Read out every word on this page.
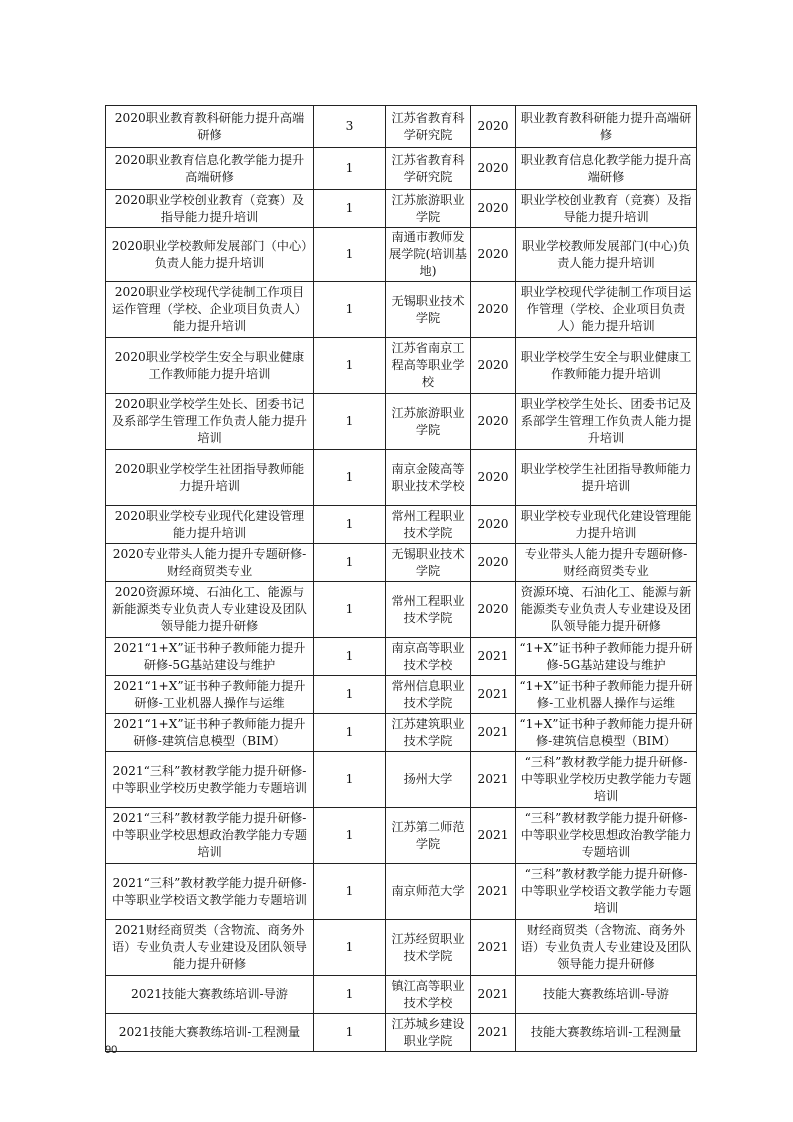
2020职业教育教科研能力提升高端研修	3	江苏省教育科学研究院	2020	职业教育教科研能力提升高端研修
2020职业教育信息化教学能力提升高端研修	1	江苏省教育科学研究院	2020	职业教育信息化教学能力提升高端研修
2020职业学校创业教育（竞赛）及指导能力提升培训	1	江苏旅游职业学院	2020	职业学校创业教育（竞赛）及指导能力提升培训
2020职业学校教师发展部门（中心）负责人能力提升培训	1	南通市教师发展学院(培训基地)	2020	职业学校教师发展部门(中心)负责人能力提升培训
2020职业学校现代学徒制工作项目运作管理（学校、企业项目负责人）能力提升培训	1	无锡职业技术学院	2020	职业学校现代学徒制工作项目运作管理（学校、企业项目负责人）能力提升培训
2020职业学校学生安全与职业健康工作教师能力提升培训	1	江苏省南京工程高等职业学校	2020	职业学校学生安全与职业健康工作教师能力提升培训
2020职业学校学生处长、团委书记及系部学生管理工作负责人能力提升培训	1	江苏旅游职业学院	2020	职业学校学生处长、团委书记及系部学生管理工作负责人能力提升培训
2020职业学校学生社团指导教师能力提升培训	1	南京金陵高等职业技术学校	2020	职业学校学生社团指导教师能力提升培训
2020职业学校专业现代化建设管理能力提升培训	1	常州工程职业技术学院	2020	职业学校专业现代化建设管理能力提升培训
2020专业带头人能力提升专题研修-财经商贸类专业	1	无锡职业技术学院	2020	专业带头人能力提升专题研修-财经商贸类专业
2020资源环境、石油化工、能源与新能源类专业负责人专业建设及团队领导能力提升研修	1	常州工程职业技术学院	2020	资源环境、石油化工、能源与新能源类专业负责人专业建设及团队领导能力提升研修
2021“1+X”证书种子教师能力提升研修-5G基站建设与维护	1	南京高等职业技术学校	2021	“1+X”证书种子教师能力提升研修-5G基站建设与维护
2021“1+X”证书种子教师能力提升研修-工业机器人操作与运维	1	常州信息职业技术学院	2021	“1+X”证书种子教师能力提升研修-工业机器人操作与运维
2021“1+X”证书种子教师能力提升研修-建筑信息模型（BIM）	1	江苏建筑职业技术学院	2021	“1+X”证书种子教师能力提升研修-建筑信息模型（BIM）
2021“三科”教材教学能力提升研修-中等职业学校历史教学能力专题培训	1	扬州大学	2021	“三科”教材教学能力提升研修-中等职业学校历史教学能力专题培训
2021“三科”教材教学能力提升研修-中等职业学校思想政治教学能力专题培训	1	江苏第二师范学院	2021	“三科”教材教学能力提升研修-中等职业学校思想政治教学能力专题培训
2021“三科”教材教学能力提升研修-中等职业学校语文教学能力专题培训	1	南京师范大学	2021	“三科”教材教学能力提升研修-中等职业学校语文教学能力专题培训
2021财经商贸类（含物流、商务外语）专业负责人专业建设及团队领导能力提升研修	1	江苏经贸职业技术学院	2021	财经商贸类（含物流、商务外语）专业负责人专业建设及团队领导能力提升研修
2021技能大赛教练培训-导游	1	镇江高等职业技术学校	2021	技能大赛教练培训-导游
2021技能大赛教练培训-工程测量	1	江苏城乡建设职业学院	2021	技能大赛教练培训-工程测量
90
